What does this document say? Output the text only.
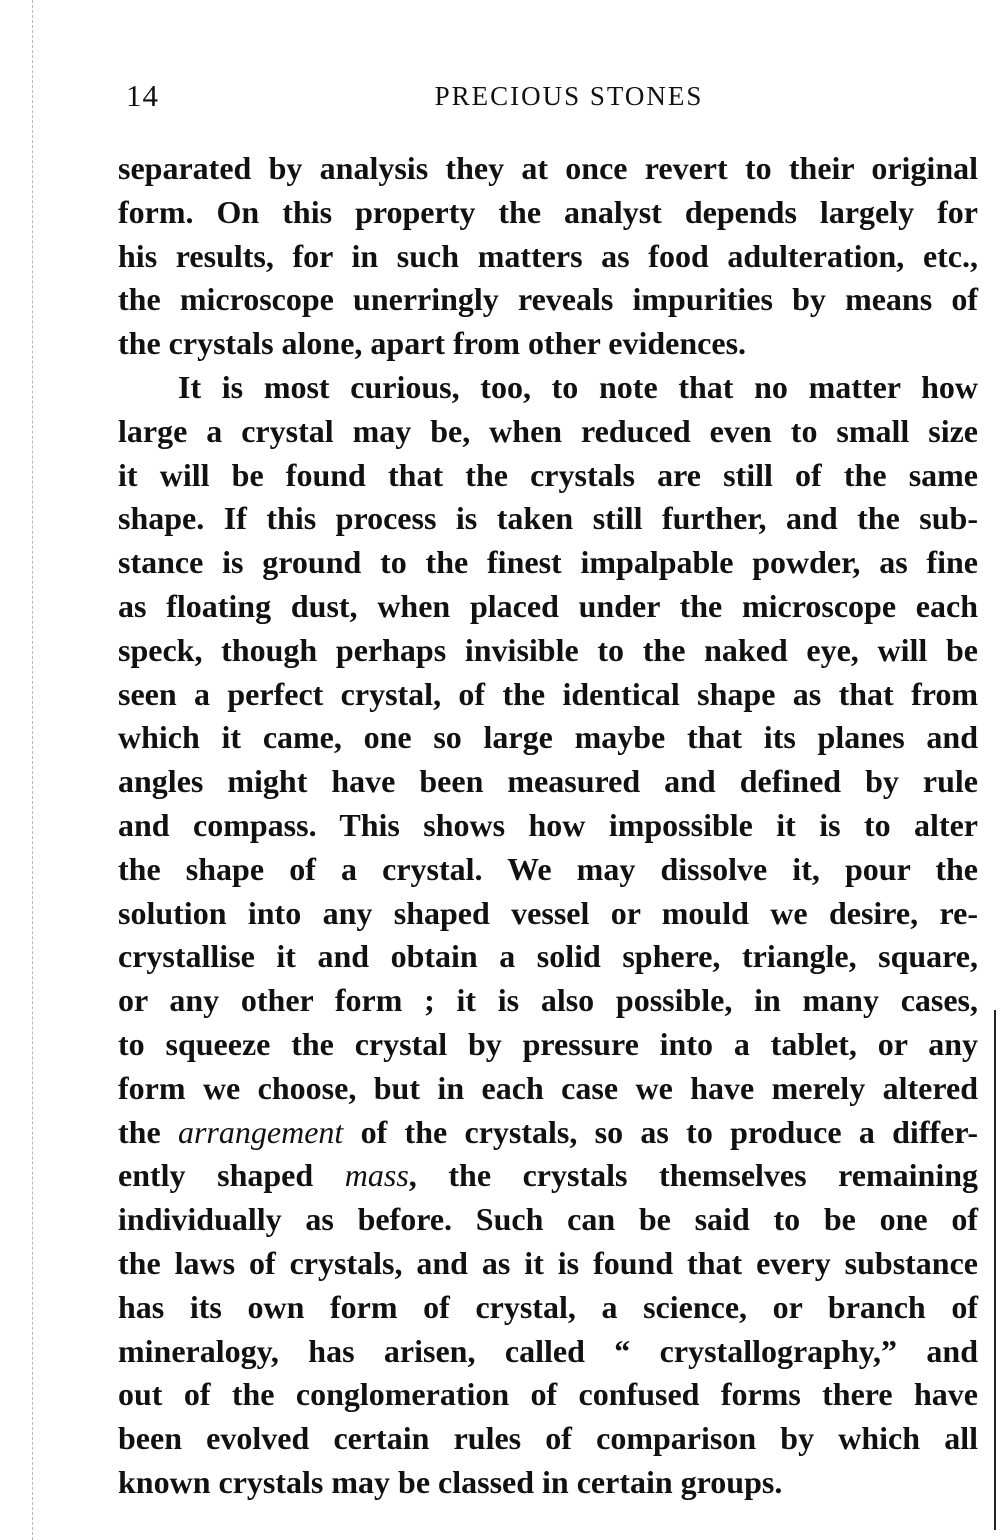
14	PRECIOUS STONES
separated by analysis they at once revert to their original
form. On this property the analyst depends largely for
his results, for in such matters as food adulteration, etc.,
the microscope unerringly reveals impurities by means of
the crystals alone, apart from other evidences.
It is most curious, too, to note that no matter how
large a crystal may be, when reduced even to small size
it will be found that the crystals are still of the same
shape. If this process is taken still further, and the sub-
stance is ground to the finest impalpable powder, as fine
as floating dust, when placed under the microscope each
speck, though perhaps invisible to the naked eye, will be
seen a perfect crystal, of the identical shape as that from
which it came, one so large maybe that its planes and
angles might have been measured and defined by rule
and compass. This shows how impossible it is to alter
the shape of a crystal. We may dissolve it, pour the
solution into any shaped vessel or mould we desire, re-
crystallise it and obtain a solid sphere, triangle, square,
or any other form ; it is also possible, in many cases,
to squeeze the crystal by pressure into a tablet, or any
form we choose, but in each case we have merely altered
the arrangement of the crystals, so as to produce a differ-
ently shaped mass, the crystals themselves remaining
individually as before. Such can be said to be one of
the laws of crystals, and as it is found that every substance
has its own form of crystal, a science, or branch of
mineralogy, has arisen, called “ crystallography,” and
out of the conglomeration of confused forms there have
been evolved certain rules of comparison by which all
known crystals may be classed in certain groups.
